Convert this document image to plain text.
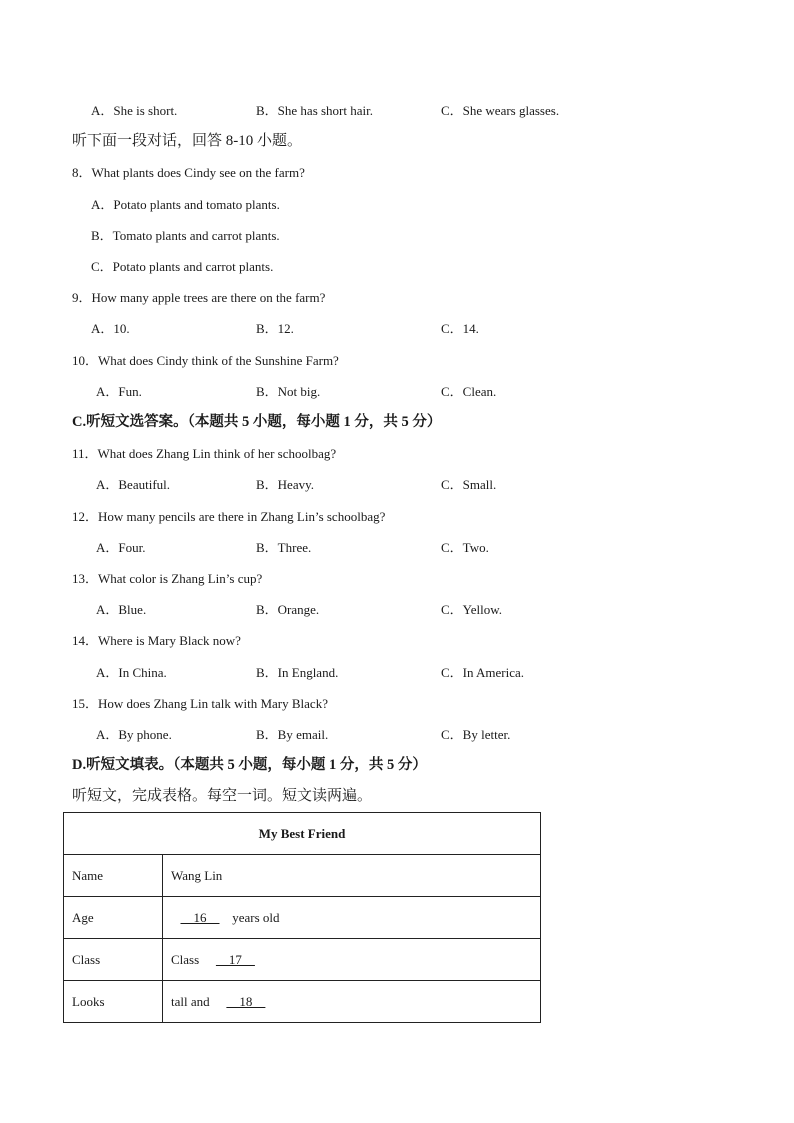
A．She is short.	B．She has short hair.	C．She wears glasses.
听下面一段对话，回答 8-10 小题。
8．What plants does Cindy see on the farm?
A．Potato plants and tomato plants.
B．Tomato plants and carrot plants.
C．Potato plants and carrot plants.
9．How many apple trees are there on the farm?
A．10.	B．12.	C．14.
10．What does Cindy think of the Sunshine Farm?
A．Fun.	B．Not big.	C．Clean.
C.听短文选答案。（本题共 5 小题，每小题 1 分，共 5 分）
11．What does Zhang Lin think of her schoolbag?
A．Beautiful.	B．Heavy.	C．Small.
12．How many pencils are there in Zhang Lin’s schoolbag?
A．Four.	B．Three.	C．Two.
13．What color is Zhang Lin’s cup?
A．Blue.	B．Orange.	C．Yellow.
14．Where is Mary Black now?
A．In China.	B．In England.	C．In America.
15．How does Zhang Lin talk with Mary Black?
A．By phone.	B．By email.	C．By letter.
D.听短文填表。（本题共 5 小题，每小题 1 分，共 5 分）
听短文，完成表格。每空一词。短文读两遍。
My Best Friend	
Name	Wang Lin
Age	16     years old
Class	Class     17
Looks	tall and     18
